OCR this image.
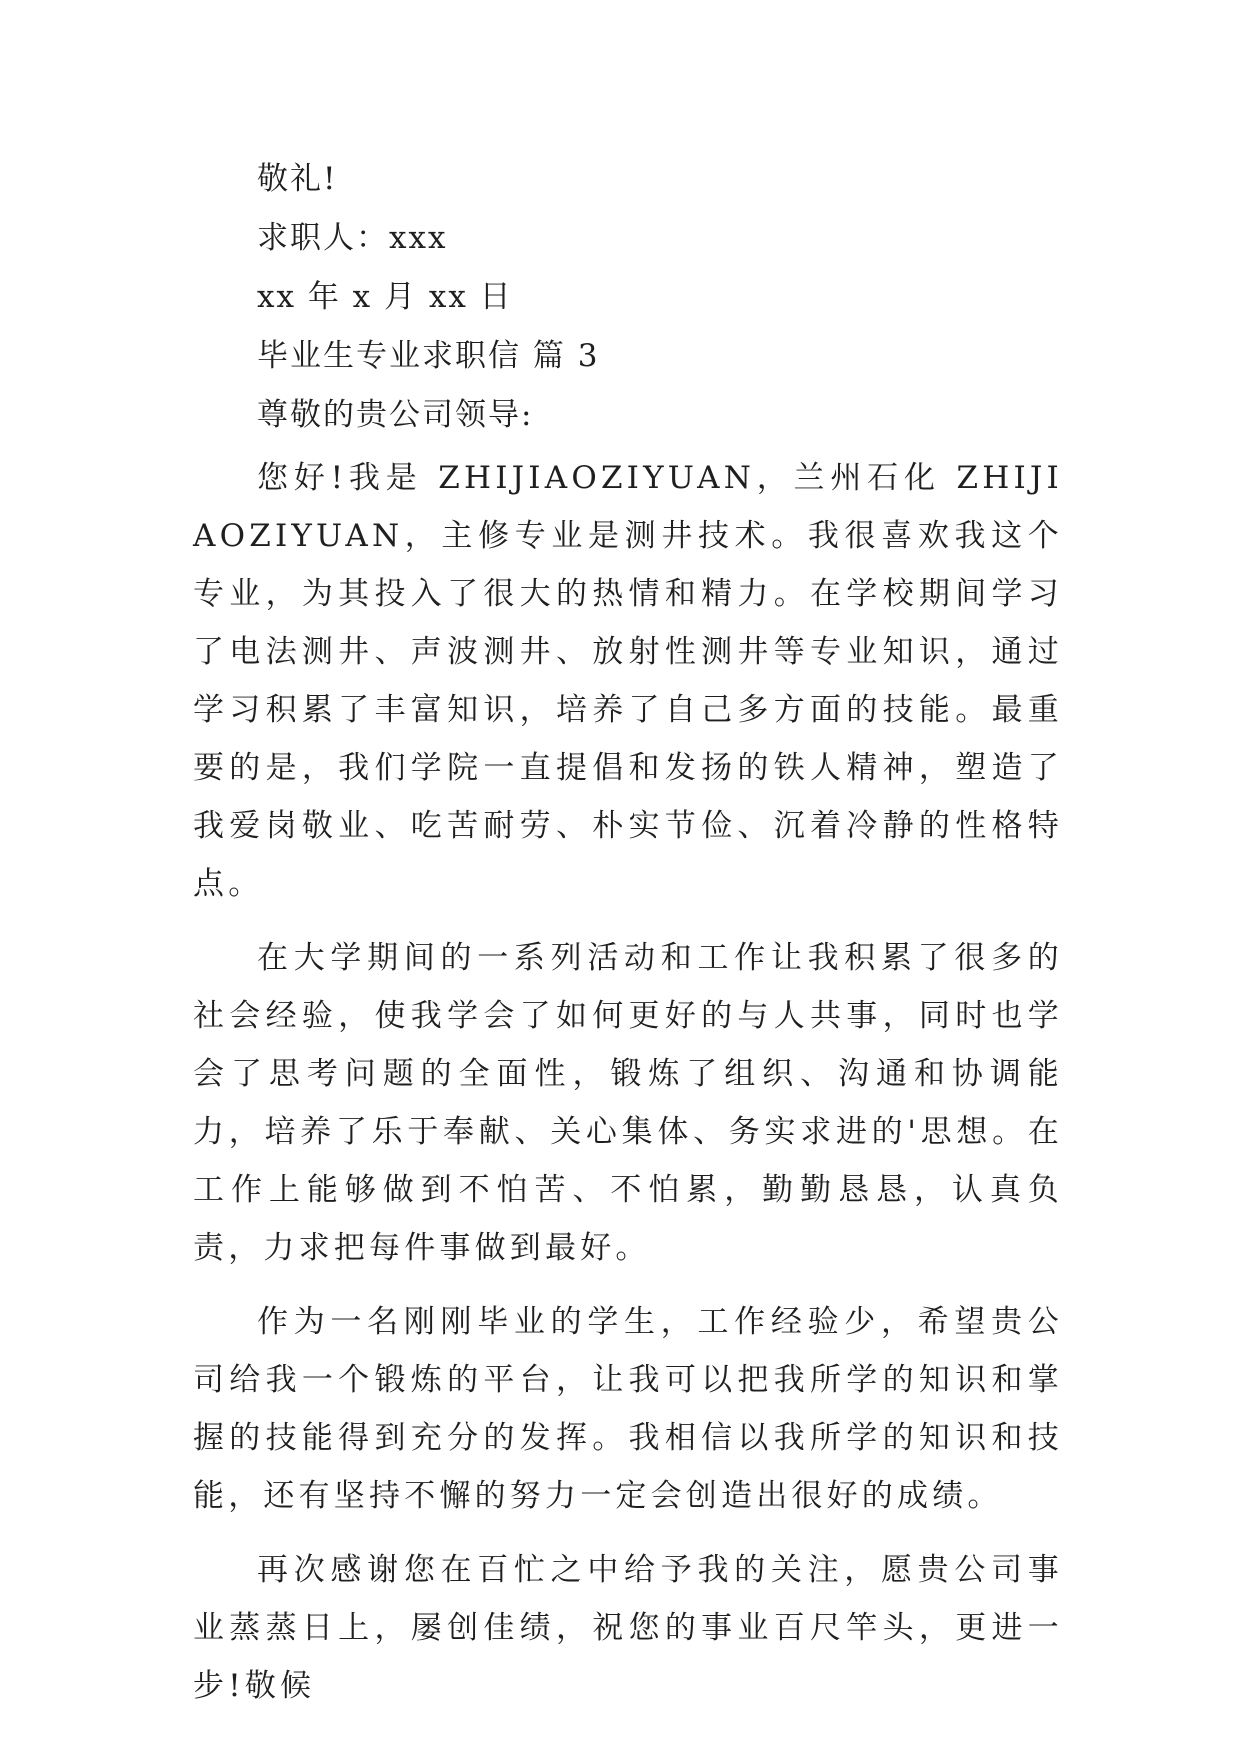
敬礼!
求职人：xxx
xx 年 x 月 xx 日
毕业生专业求职信 篇 3
尊敬的贵公司领导:

您好!我是 ZHIJIAOZIYUAN，兰州石化 ZHIJIAOZIYUAN，主修专业是测井技术。我很喜欢我这个专业，为其投入了很大的热情和精力。在学校期间学习了电法测井、声波测井、放射性测井等专业知识，通过学习积累了丰富知识，培养了自己多方面的技能。最重要的是，我们学院一直提倡和发扬的铁人精神，塑造了我爱岗敬业、吃苦耐劳、朴实节俭、沉着冷静的性格特点。

在大学期间的一系列活动和工作让我积累了很多的社会经验，使我学会了如何更好的与人共事，同时也学会了思考问题的全面性，锻炼了组织、沟通和协调能力，培养了乐于奉献、关心集体、务实求进的'思想。在工作上能够做到不怕苦、不怕累，勤勤恳恳，认真负责，力求把每件事做到最好。

作为一名刚刚毕业的学生，工作经验少，希望贵公司给我一个锻炼的平台，让我可以把我所学的知识和掌握的技能得到充分的发挥。我相信以我所学的知识和技能，还有坚持不懈的努力一定会创造出很好的成绩。

再次感谢您在百忙之中给予我的关注，愿贵公司事业蒸蒸日上，屡创佳绩，祝您的事业百尺竿头，更进一步!敬候
